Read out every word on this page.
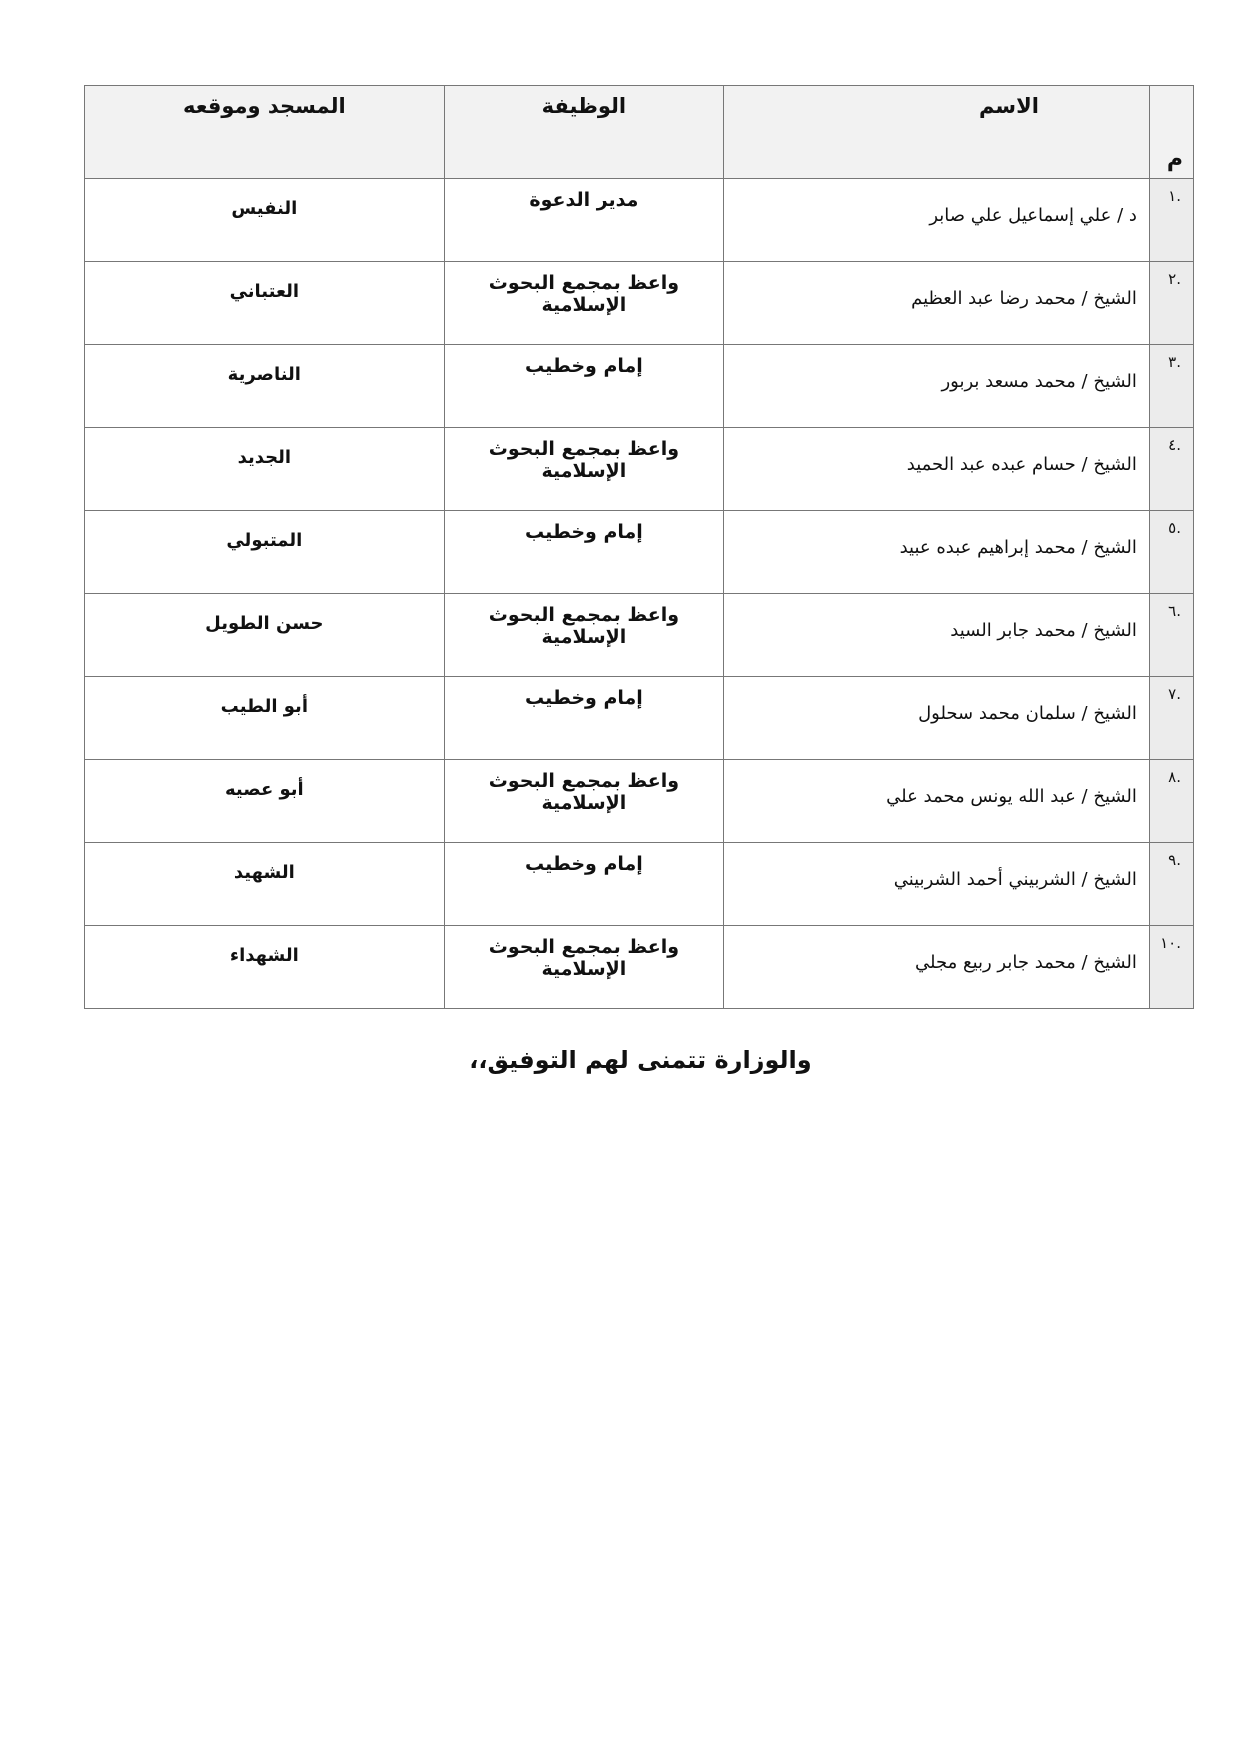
م	الاسم	الوظيفة	المسجد وموقعه

.١	د / علي إسماعيل علي صابر	مدير الدعوة	النفيس

.٢	الشيخ / محمد رضا عبد العظيم	واعظ بمجمع البحوث الإسلامية	العتباني

.٣	الشيخ / محمد مسعد بربور	إمام وخطيب	الناصرية

.٤	الشيخ / حسام عبده عبد الحميد	واعظ بمجمع البحوث الإسلامية	الجديد

.٥	الشيخ / محمد إبراهيم عبده عبيد	إمام وخطيب	المتبولي

.٦	الشيخ / محمد جابر السيد	واعظ بمجمع البحوث الإسلامية	حسن الطويل

.٧	الشيخ / سلمان محمد سحلول	إمام وخطيب	أبو الطيب

.٨	الشيخ / عبد الله يونس محمد علي	واعظ بمجمع البحوث الإسلامية	أبو عصيه

.٩	الشيخ / الشربيني أحمد الشربيني	إمام وخطيب	الشهيد

.١٠	الشيخ / محمد جابر ربيع مجلي	واعظ بمجمع البحوث الإسلامية	الشهداء
والوزارة تتمنى لهم التوفيق،،
